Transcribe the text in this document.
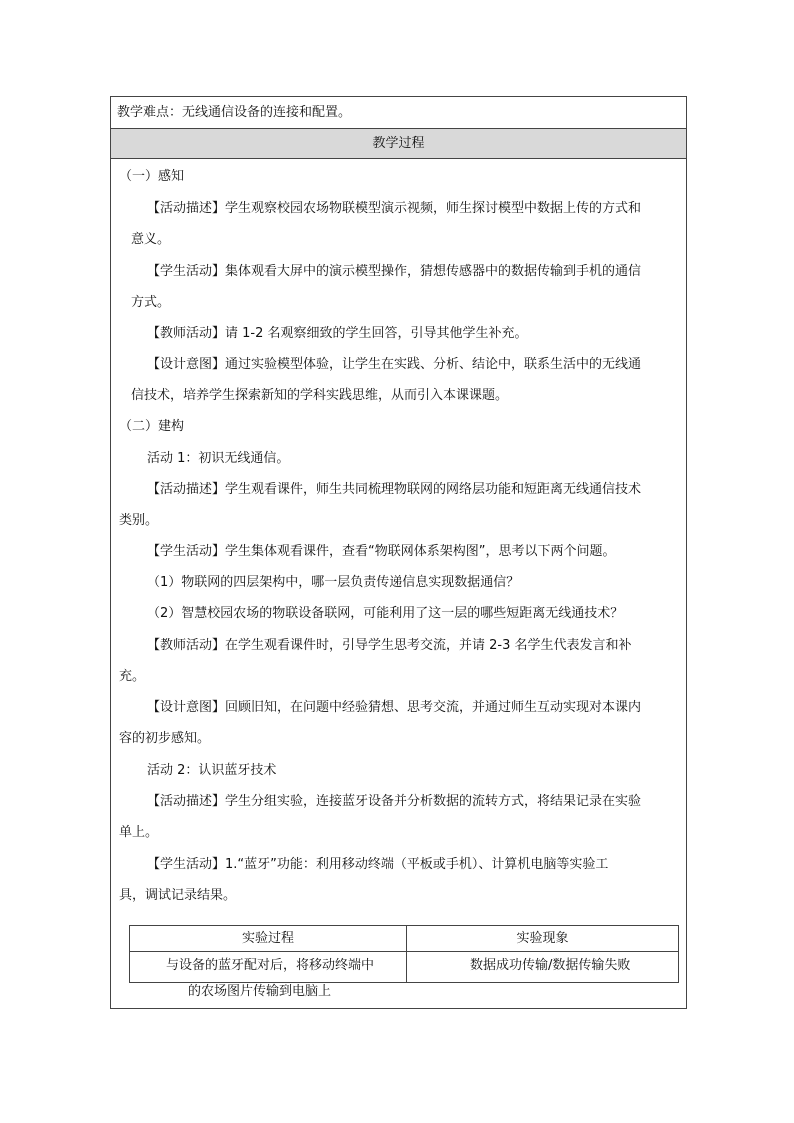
教学难点：无线通信设备的连接和配置。
教学过程
（一）感知
【活动描述】学生观察校园农场物联模型演示视频，师生探讨模型中数据上传的方式和
意义。
【学生活动】集体观看大屏中的演示模型操作，猜想传感器中的数据传输到手机的通信
方式。
【教师活动】请 1-2 名观察细致的学生回答，引导其他学生补充。
【设计意图】通过实验模型体验，让学生在实践、分析、结论中，联系生活中的无线通
信技术，培养学生探索新知的学科实践思维，从而引入本课课题。
（二）建构
活动 1：初识无线通信。
【活动描述】学生观看课件，师生共同梳理物联网的网络层功能和短距离无线通信技术
类别。
【学生活动】学生集体观看课件，查看“物联网体系架构图”，思考以下两个问题。
（1）物联网的四层架构中，哪一层负责传递信息实现数据通信？
（2）智慧校园农场的物联设备联网，可能利用了这一层的哪些短距离无线通技术？
【教师活动】在学生观看课件时，引导学生思考交流，并请 2-3 名学生代表发言和补
充。
【设计意图】回顾旧知，在问题中经验猜想、思考交流，并通过师生互动实现对本课内
容的初步感知。
活动 2：认识蓝牙技术
【活动描述】学生分组实验，连接蓝牙设备并分析数据的流转方式，将结果记录在实验
单上。
【学生活动】1.“蓝牙”功能：利用移动终端（平板或手机）、计算机电脑等实验工
具，调试记录结果。
实验过程	实验现象
与设备的蓝牙配对后，将移动终端中
的农场图片传输到电脑上
数据成功传输/数据传输失败
